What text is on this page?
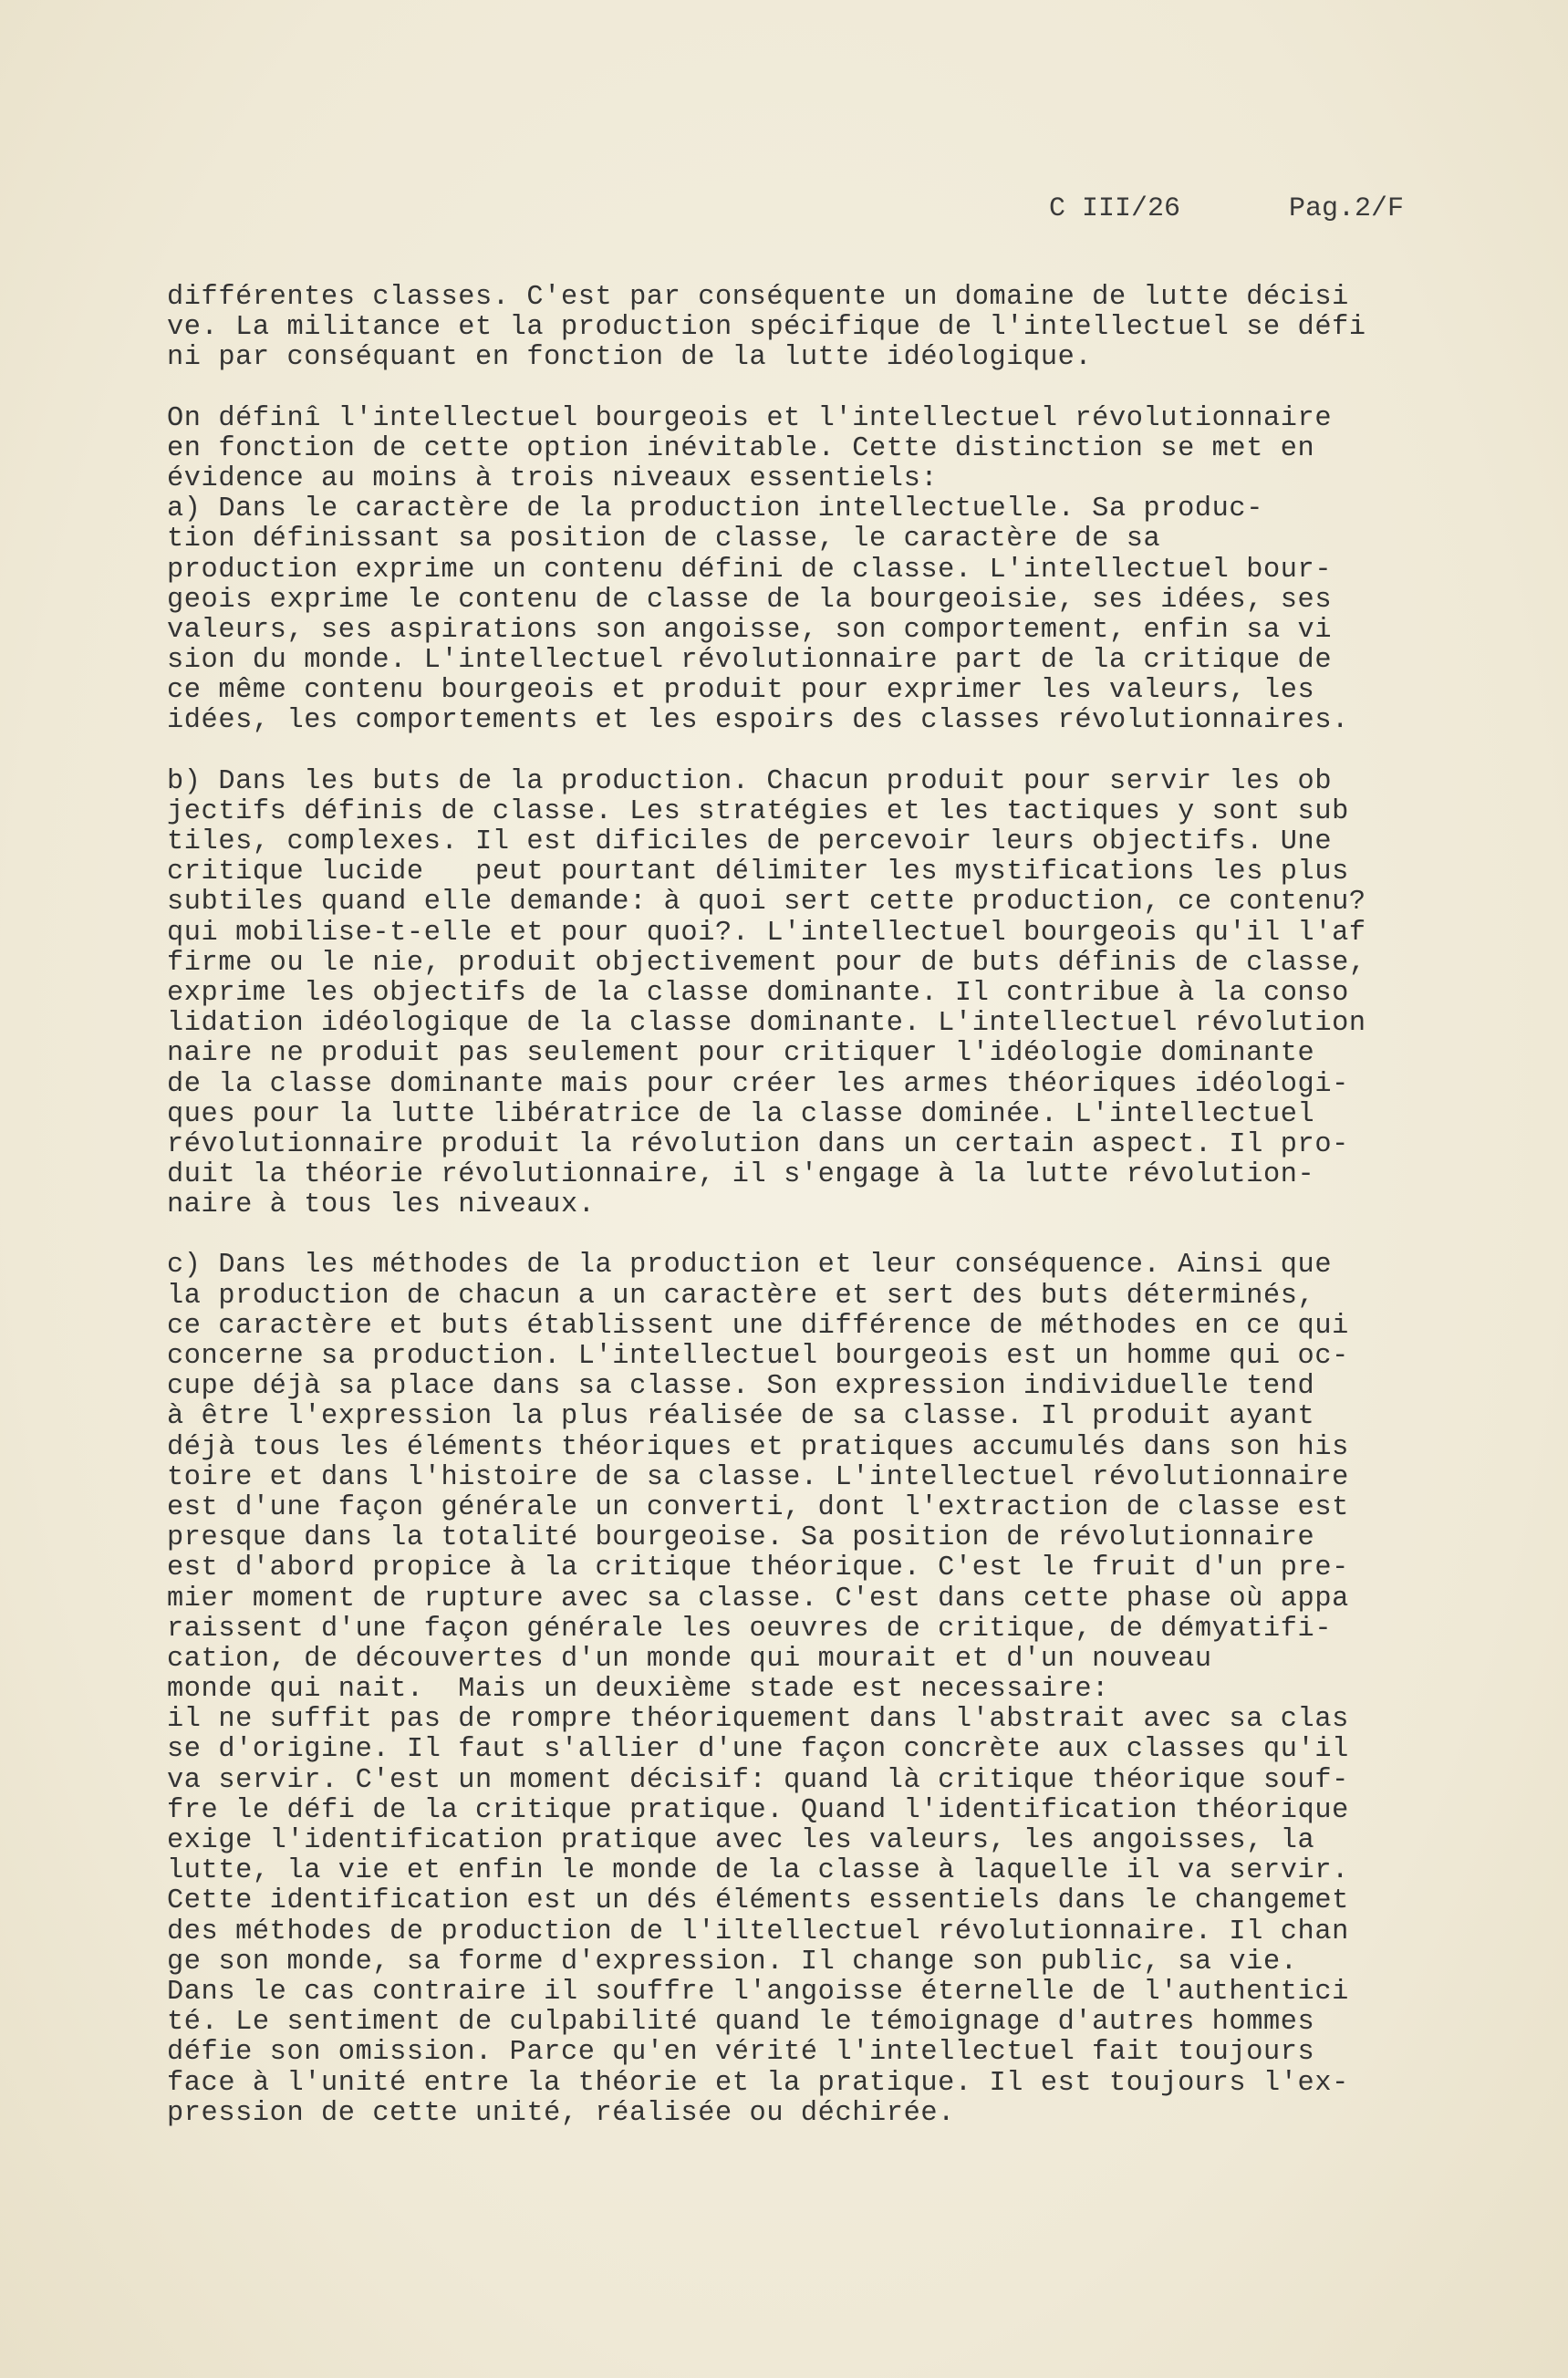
C III/26

	Pag.2/F

différentes classes. C'est par conséquente un domaine de lutte décisi
ve. La militance et la production spécifique de l'intellectuel se défi
ni par conséquant en fonction de la lutte idéologique.
On définî l'intellectuel bourgeois et l'intellectuel révolutionnaire
en fonction de cette option inévitable. Cette distinction se met en
évidence au moins à trois niveaux essentiels:
a) Dans le caractère de la production intellectuelle. Sa produc-
tion définissant sa position de classe, le caractère de sa
production exprime un contenu défini de classe. L'intellectuel bour-
geois exprime le contenu de classe de la bourgeoisie, ses idées, ses
valeurs, ses aspirations son angoisse, son comportement, enfin sa vi
sion du monde. L'intellectuel révolutionnaire part de la critique de
ce même contenu bourgeois et produit pour exprimer les valeurs, les
idées, les comportements et les espoirs des classes révolutionnaires.
b) Dans les buts de la production. Chacun produit pour servir les ob
jectifs définis de classe. Les stratégies et les tactiques y sont sub
tiles, complexes. Il est dificiles de percevoir leurs objectifs. Une
critique lucide   peut pourtant délimiter les mystifications les plus
subtiles quand elle demande: à quoi sert cette production, ce contenu?
qui mobilise-t-elle et pour quoi?. L'intellectuel bourgeois qu'il l'af
firme ou le nie, produit objectivement pour de buts définis de classe,
exprime les objectifs de la classe dominante. Il contribue à la conso
lidation idéologique de la classe dominante. L'intellectuel révolution
naire ne produit pas seulement pour critiquer l'idéologie dominante
de la classe dominante mais pour créer les armes théoriques idéologi-
ques pour la lutte libératrice de la classe dominée. L'intellectuel
révolutionnaire produit la révolution dans un certain aspect. Il pro-
duit la théorie révolutionnaire, il s'engage à la lutte révolution-
naire à tous les niveaux.
c) Dans les méthodes de la production et leur conséquence. Ainsi que
la production de chacun a un caractère et sert des buts déterminés,
ce caractère et buts établissent une différence de méthodes en ce qui
concerne sa production. L'intellectuel bourgeois est un homme qui oc-
cupe déjà sa place dans sa classe. Son expression individuelle tend
à être l'expression la plus réalisée de sa classe. Il produit ayant
déjà tous les éléments théoriques et pratiques accumulés dans son his
toire et dans l'histoire de sa classe. L'intellectuel révolutionnaire
est d'une façon générale un converti, dont l'extraction de classe est
presque dans la totalité bourgeoise. Sa position de révolutionnaire
est d'abord propice à la critique théorique. C'est le fruit d'un pre-
mier moment de rupture avec sa classe. C'est dans cette phase où appa
raissent d'une façon générale les oeuvres de critique, de démyatifi-
cation, de découvertes d'un monde qui mourait et d'un nouveau
monde qui nait.  Mais un deuxième stade est necessaire:
il ne suffit pas de rompre théoriquement dans l'abstrait avec sa clas
se d'origine. Il faut s'allier d'une façon concrète aux classes qu'il
va servir. C'est un moment décisif: quand là critique théorique souf-
fre le défi de la critique pratique. Quand l'identification théorique
exige l'identification pratique avec les valeurs, les angoisses, la
lutte, la vie et enfin le monde de la classe à laquelle il va servir.
Cette identification est un dés éléments essentiels dans le changemet
des méthodes de production de l'iltellectuel révolutionnaire. Il chan
ge son monde, sa forme d'expression. Il change son public, sa vie.
Dans le cas contraire il souffre l'angoisse éternelle de l'authentici
té. Le sentiment de culpabilité quand le témoignage d'autres hommes
défie son omission. Parce qu'en vérité l'intellectuel fait toujours
face à l'unité entre la théorie et la pratique. Il est toujours l'ex-
pression de cette unité, réalisée ou déchirée.
